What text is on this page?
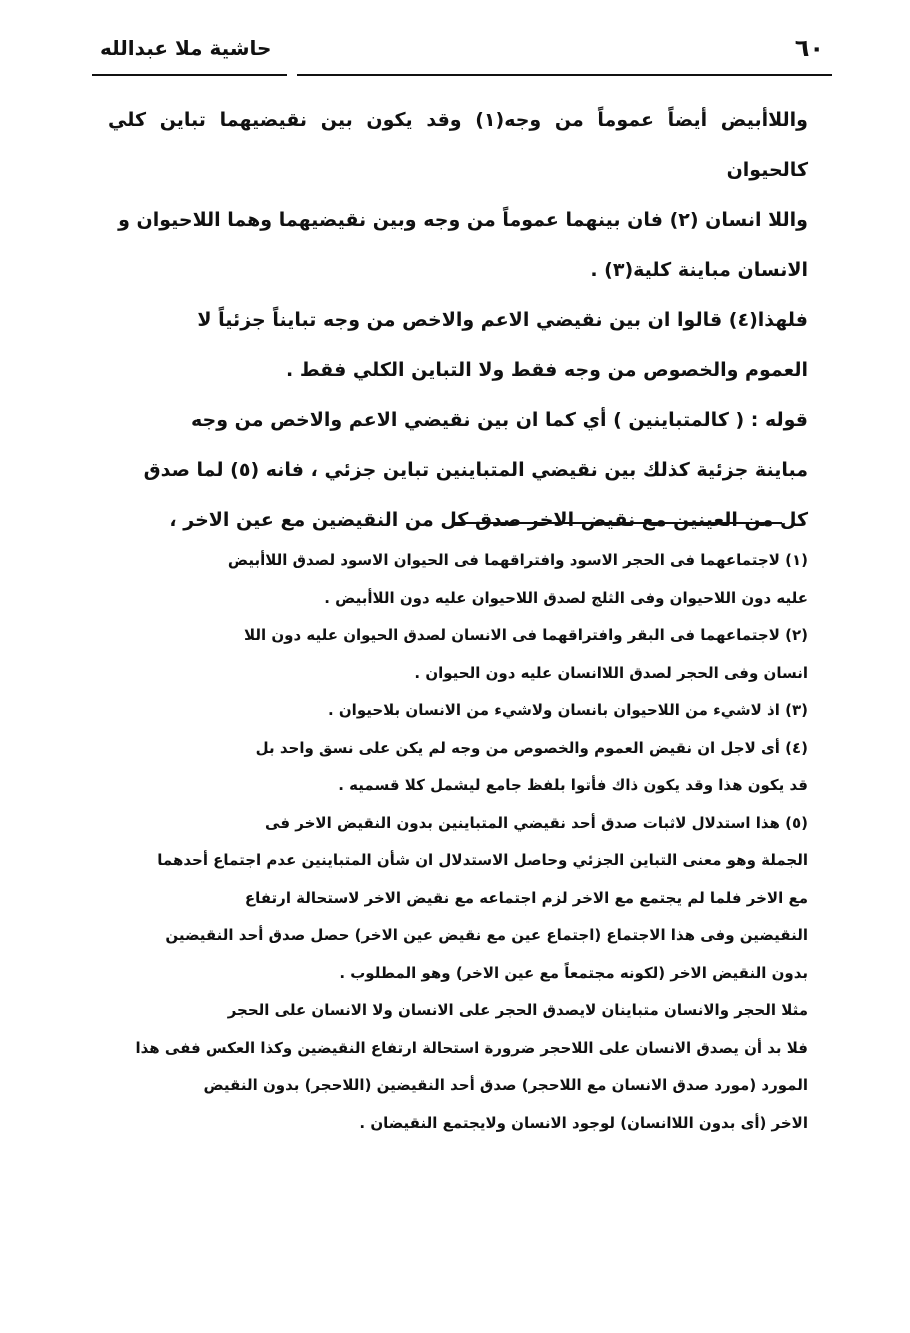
٦٠
حاشية ملا عبدالله

واللاأبيض أيضاً عموماً من وجه(١) وقد يكون بين نقيضيهما تباين كلي كالحيوان

واللا انسان (٢) فان بينهما عموماً من وجه وبين نقيضيهما وهما اللاحيوان و

الانسان مباينة كلية(٣) .

فلهذا(٤) قالوا ان بين نقيضي الاعم والاخص من وجه تبايناً جزئياً لا

العموم والخصوص من وجه فقط ولا التباين الكلي فقط .

قوله : ( كالمتباينين ) أي كما ان بين نقيضي الاعم والاخص من وجه

مباينة جزئية كذلك بين نقيضي المتباينين تباين جزئي ، فانه (٥) لما صدق

كل من العينين مع نقيض الاخر صدق كل من النقيضين مع عين الاخر ،

(١) لاجتماعهما فى الحجر الاسود وافتراقهما فى الحيوان الاسود لصدق اللاأبيض

عليه دون اللاحيوان وفى الثلج لصدق اللاحيوان عليه دون اللاأبيض .

(٢) لاجتماعهما فى البقر وافتراقهما فى الانسان لصدق الحيوان عليه دون اللا

انسان وفى الحجر لصدق اللاانسان عليه دون الحيوان .

(٣) اذ لاشيء من اللاحيوان بانسان ولاشيء من الانسان بلاحيوان .

(٤) أى لاجل ان نقيض العموم والخصوص من وجه لم يكن على نسق واحد بل

قد يكون هذا وقد يكون ذاك فأتوا بلفظ جامع ليشمل كلا قسميه .

(٥) هذا استدلال لاثبات صدق أحد نقيضي المتباينين بدون النقيض الاخر فى

الجملة وهو معنى التباين الجزئي وحاصل الاستدلال ان شأن المتباينين عدم اجتماع أحدهما

مع الاخر فلما لم يجتمع مع الاخر لزم اجتماعه مع نقيض الاخر لاستحالة ارتفاع

النقيضين وفى هذا الاجتماع (اجتماع عين مع نقيض عين الاخر) حصل صدق أحد النقيضين

بدون النقيض الاخر (لكونه مجتمعاً مع عين الاخر) وهو المطلوب .

مثلا الحجر والانسان متباينان لايصدق الحجر على الانسان ولا الانسان على الحجر

فلا بد أن يصدق الانسان على اللاحجر ضرورة استحالة ارتفاع النقيضين وكذا العكس ففى هذا

المورد (مورد صدق الانسان مع اللاحجر) صدق أحد النقيضين (اللاحجر) بدون النقيض

الاخر (أى بدون اللاانسان) لوجود الانسان ولايجتمع النقيضان .
